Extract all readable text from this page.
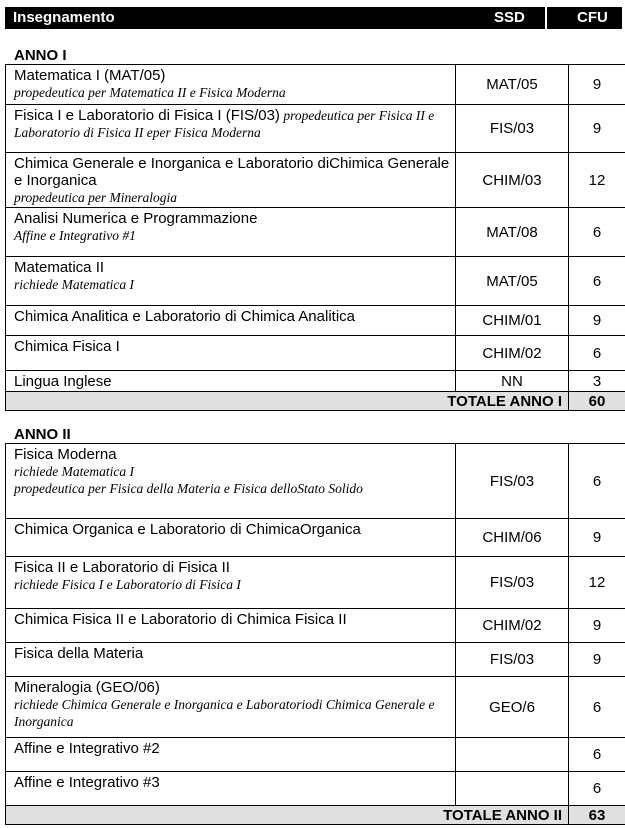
Insegnamento	SSD	CFU
ANNO I
Matematica I (MAT/05)
propedeutica per Matematica II e Fisica Moderna	MAT/05	9

Fisica I e Laboratorio di Fisica I (FIS/03) propedeutica per Fisica II e Laboratorio di Fisica II eper Fisica Moderna	FIS/03	9

Chimica Generale e Inorganica e Laboratorio diChimica Generale e Inorganica
propedeutica per Mineralogia	CHIM/03	12

Analisi Numerica e Programmazione
Affine e Integrativo #1	MAT/08	6

Matematica II
richiede Matematica I	MAT/05	6

Chimica Analitica e Laboratorio di Chimica Analitica	CHIM/01	9

Chimica Fisica I	CHIM/02	6

Lingua Inglese	NN	3
TOTALE ANNO I		60
ANNO II
Fisica Moderna
richiede Matematica I
propedeutica per Fisica della Materia e Fisica delloStato Solido	FIS/03	6

Chimica Organica e Laboratorio di ChimicaOrganica	CHIM/06	9

Fisica II e Laboratorio di Fisica II
richiede Fisica I e Laboratorio di Fisica I	FIS/03	12

Chimica Fisica II e Laboratorio di Chimica Fisica II	CHIM/02	9

Fisica della Materia	FIS/03	9

Mineralogia (GEO/06)
richiede Chimica Generale e Inorganica e Laboratoriodi Chimica Generale e Inorganica	GEO/6	6

Affine e Integrativo #2		6

Affine e Integrativo #3		6
TOTALE ANNO II		63
